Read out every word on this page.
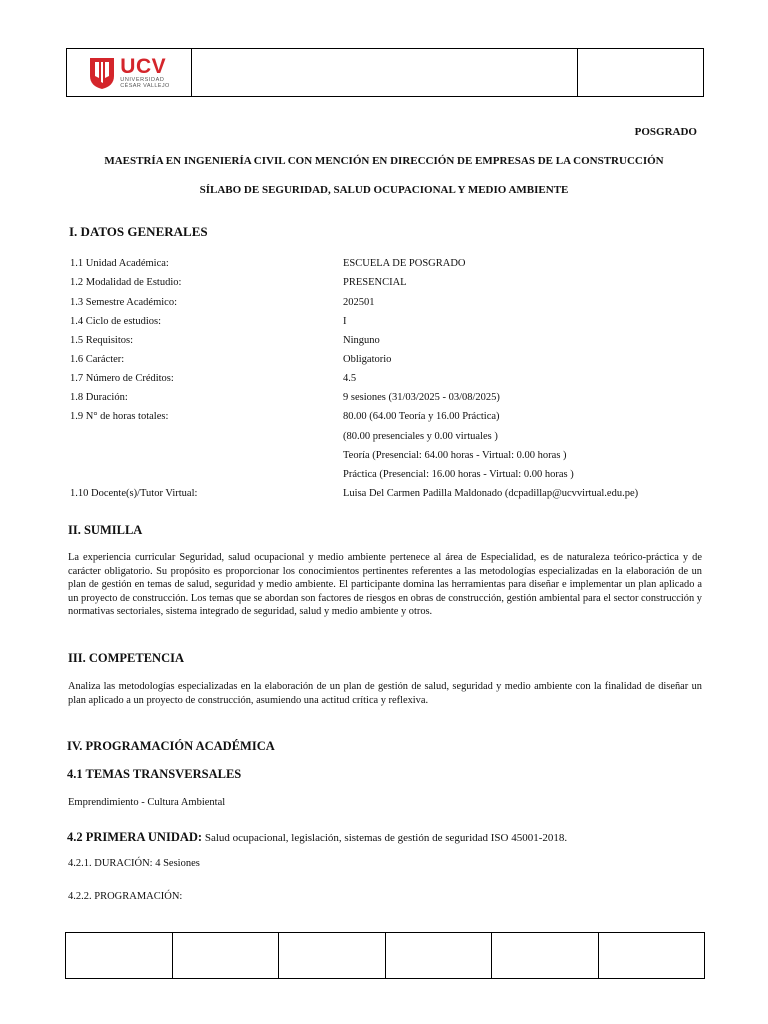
UCV
UNIVERSIDAD
CÉSAR VALLEJO
POSGRADO
MAESTRÍA EN INGENIERÍA CIVIL CON MENCIÓN EN DIRECCIÓN DE EMPRESAS DE LA CONSTRUCCIÓN
SÍLABO DE SEGURIDAD, SALUD OCUPACIONAL Y MEDIO AMBIENTE
I. DATOS GENERALES
1.1 Unidad Académica:	ESCUELA DE POSGRADO
1.2 Modalidad de Estudio:	PRESENCIAL
1.3 Semestre Académico:	202501
1.4 Ciclo de estudios:	I
1.5 Requisitos:	Ninguno
1.6 Carácter:	Obligatorio
1.7 Número de Créditos:	4.5
1.8 Duración:	9 sesiones (31/03/2025 - 03/08/2025)
1.9 N° de horas totales:	80.00 (64.00 Teoría y 16.00 Práctica)
(80.00 presenciales y 0.00 virtuales )
Teoría (Presencial: 64.00 horas - Virtual: 0.00 horas )
Práctica (Presencial: 16.00 horas - Virtual: 0.00 horas )
1.10 Docente(s)/Tutor Virtual:	Luisa Del Carmen Padilla Maldonado (dcpadillap@ucvvirtual.edu.pe)
II. SUMILLA
La experiencia curricular Seguridad, salud ocupacional y medio ambiente pertenece al área de Especialidad, es de naturaleza teórico-práctica y de carácter obligatorio. Su propósito es proporcionar los conocimientos pertinentes referentes a las metodologías especializadas en la elaboración de un plan de gestión en temas de salud, seguridad y medio ambiente. El participante domina las herramientas para diseñar e implementar un plan aplicado a un proyecto de construcción. Los temas que se abordan son factores de riesgos en obras de construcción, gestión ambiental para el sector construcción y normativas sectoriales, sistema integrado de seguridad, salud y medio ambiente y otros.
III. COMPETENCIA
Analiza las metodologías especializadas en la elaboración de un plan de gestión de salud, seguridad y medio ambiente con la finalidad de diseñar un plan aplicado a un proyecto de construcción, asumiendo una actitud crítica y reflexiva.
IV. PROGRAMACIÓN ACADÉMICA
4.1 TEMAS TRANSVERSALES
Emprendimiento - Cultura Ambiental
4.2 PRIMERA UNIDAD: Salud ocupacional, legislación, sistemas de gestión de seguridad ISO 45001-2018.
4.2.1. DURACIÓN: 4 Sesiones
4.2.2. PROGRAMACIÓN:
